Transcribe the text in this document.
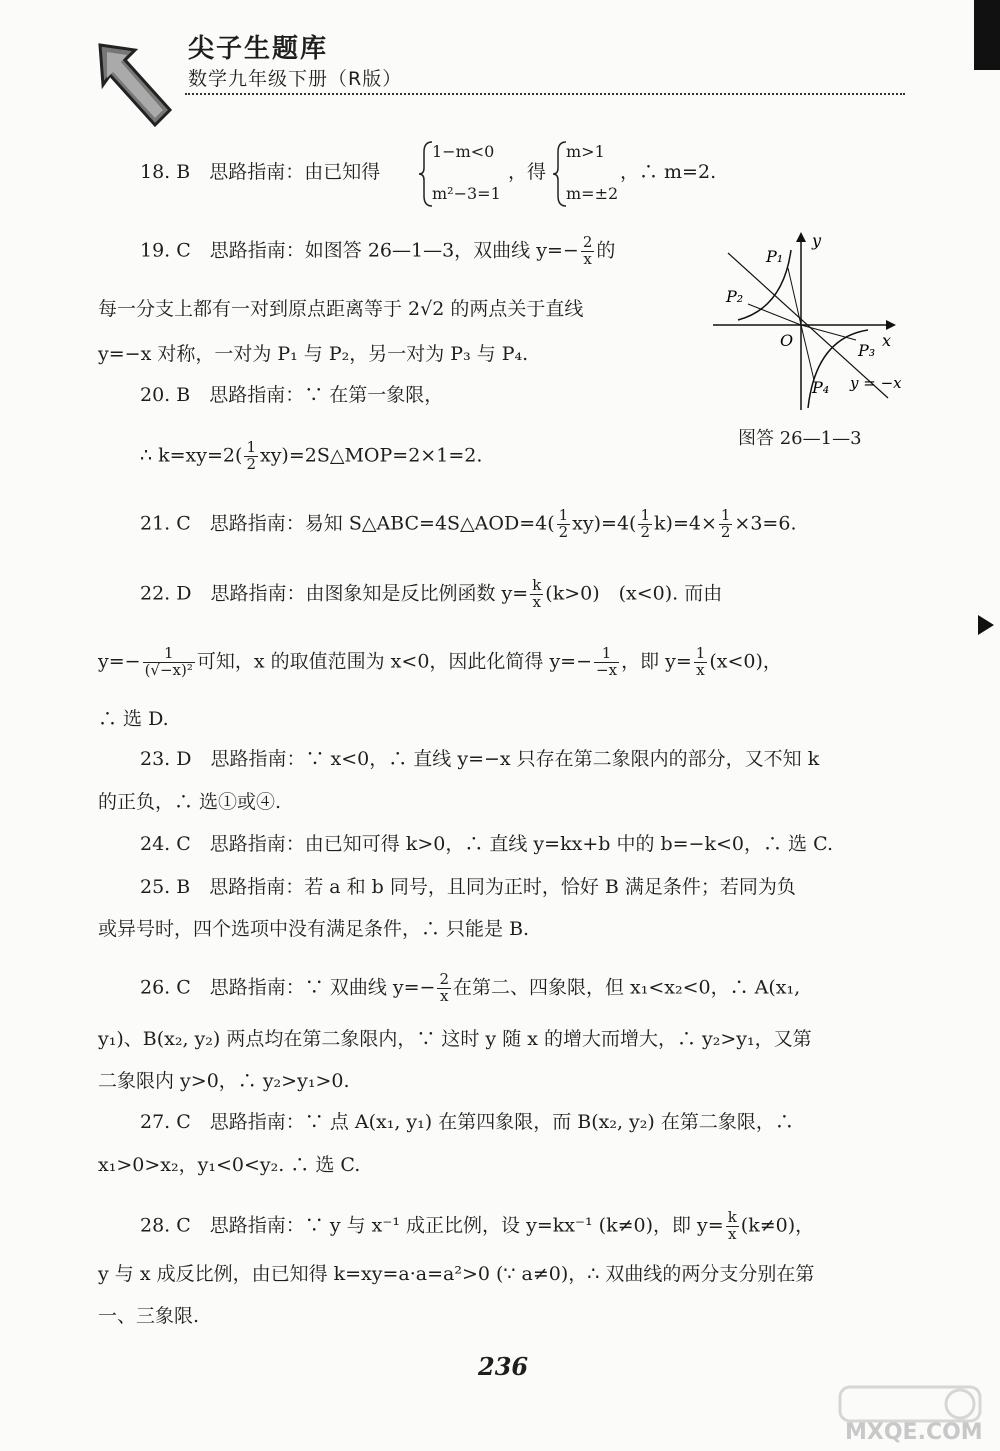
尖子生题库
数学九年级下册（R版）
18. B　思路指南：由已知得
1−m<0
m²−3=1
，得
m>1
m=±2
，∴ m=2.
19. C　思路指南：如图答 26—1—3，双曲线 $y=- \frac{2}{x}$ 的
每一分支上都有一对到原点距离等于 2√2 的两点关于直线
y=−x 对称，一对为 P₁ 与 P₂，另一对为 P₃ 与 P₄.
P₁
P₂
P₃
P₄
O	x
y
y = −x
图答 26—1—3
20. B　思路指南：∵ 在第一象限，
∴ $k=xy=2( \frac{1}{2}$ xy)=2S△MOP=2×1=2.
21. C　思路指南：易知 S△ABC=4S△AOD=4( $\frac{1}{2} xy)=4( \frac{1}{2} k)=4\times \frac{1}{2} \times 3=6$.
22. D　思路指南：由图象知是反比例函数 $y= \frac{k}{x} (k>0)$　(x<0). 而由
$y=- \frac{1}{\text{(√−x)²}}$ 可知，x 的取值范围为 x<0，因此化简得 $y=- \frac{1}{-x}$ ，即 $y= \frac{1}{x} (x<0)$，
∴ 选 D.
23. D　思路指南：∵ x<0，∴ 直线 y=−x 只存在第二象限内的部分，又不知 k
的正负，∴ 选①或④.
24. C　思路指南：由已知可得 k>0，∴ 直线 y=kx+b 中的 b=−k<0，∴ 选 C.
25. B　思路指南：若 a 和 b 同号，且同为正时，恰好 B 满足条件；若同为负
或异号时，四个选项中没有满足条件，∴ 只能是 B.
26. C　思路指南：∵ 双曲线 $y=- \frac{2}{x}$ 在第二、四象限，但 x₁<x₂<0，∴ A(x₁,
y₁)、B(x₂, y₂) 两点均在第二象限内，∵ 这时 y 随 x 的增大而增大，∴ y₂>y₁，又第
二象限内 y>0，∴ y₂>y₁>0.
27. C　思路指南：∵ 点 A(x₁, y₁) 在第四象限，而 B(x₂, y₂) 在第二象限，∴
x₁>0>x₂，y₁<0<y₂. ∴ 选 C.
28. C　思路指南：∵ y 与 x⁻¹ 成正比例，设 y=kx⁻¹ (k≠0)，即 $y= \frac{k}{x} (k\ne 0)$，
y 与 x 成反比例，由已知得 k=xy=a·a=a²>0 (∵ a≠0)，∴ 双曲线的两分支分别在第
一、三象限.
236
MXQE.COM
